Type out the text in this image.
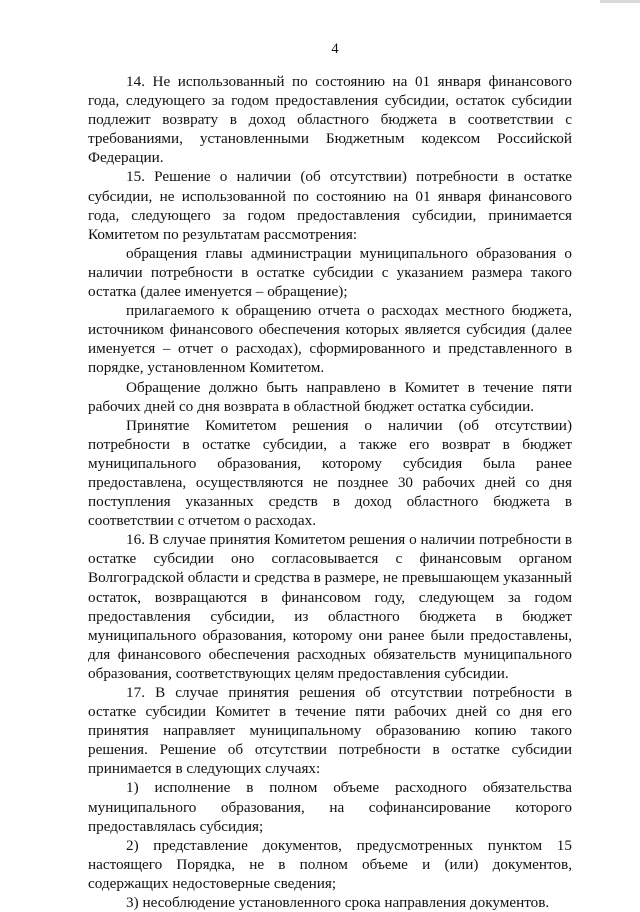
4

14. Не использованный по состоянию на 01 января финансового года, следующего за годом предоставления субсидии, остаток субсидии подлежит возврату в доход областного бюджета в соответствии с требованиями, установленными Бюджетным кодексом Российской Федерации.

15. Решение о наличии (об отсутствии) потребности в остатке субсидии, не использованной по состоянию на 01 января финансового года, следующего за годом предоставления субсидии, принимается Комитетом по результатам рассмотрения:

обращения главы администрации муниципального образования о наличии потребности в остатке субсидии с указанием размера такого остатка (далее именуется – обращение);

прилагаемого к обращению отчета о расходах местного бюджета, источником финансового обеспечения которых является субсидия (далее именуется – отчет о расходах), сформированного и представленного в порядке, установленном Комитетом.

Обращение должно быть направлено в Комитет в течение пяти рабочих дней со дня возврата в областной бюджет остатка субсидии.

Принятие Комитетом решения о наличии (об отсутствии) потребности в остатке субсидии, а также его возврат в бюджет муниципального образования, которому субсидия была ранее предоставлена, осуществляются не позднее 30 рабочих дней со дня поступления указанных средств в доход областного бюджета в соответствии с отчетом о расходах.

16. В случае принятия Комитетом решения о наличии потребности в остатке субсидии оно согласовывается с финансовым органом Волгоградской области и средства в размере, не превышающем указанный остаток, возвращаются в финансовом году, следующем за годом предоставления субсидии, из областного бюджета в бюджет муниципального образования, которому они ранее были предоставлены, для финансового обеспечения расходных обязательств муниципального образования, соответствующих целям предоставления субсидии.

17. В случае принятия решения об отсутствии потребности в остатке субсидии Комитет в течение пяти рабочих дней со дня его принятия направляет муниципальному образованию копию такого решения. Решение об отсутствии потребности в остатке субсидии принимается в следующих случаях:

1) исполнение в полном объеме расходного обязательства муниципального образования, на софинансирование которого предоставлялась субсидия;

2) представление документов, предусмотренных пунктом 15 настоящего Порядка, не в полном объеме и (или) документов, содержащих недостоверные сведения;

3) несоблюдение установленного срока направления документов.
